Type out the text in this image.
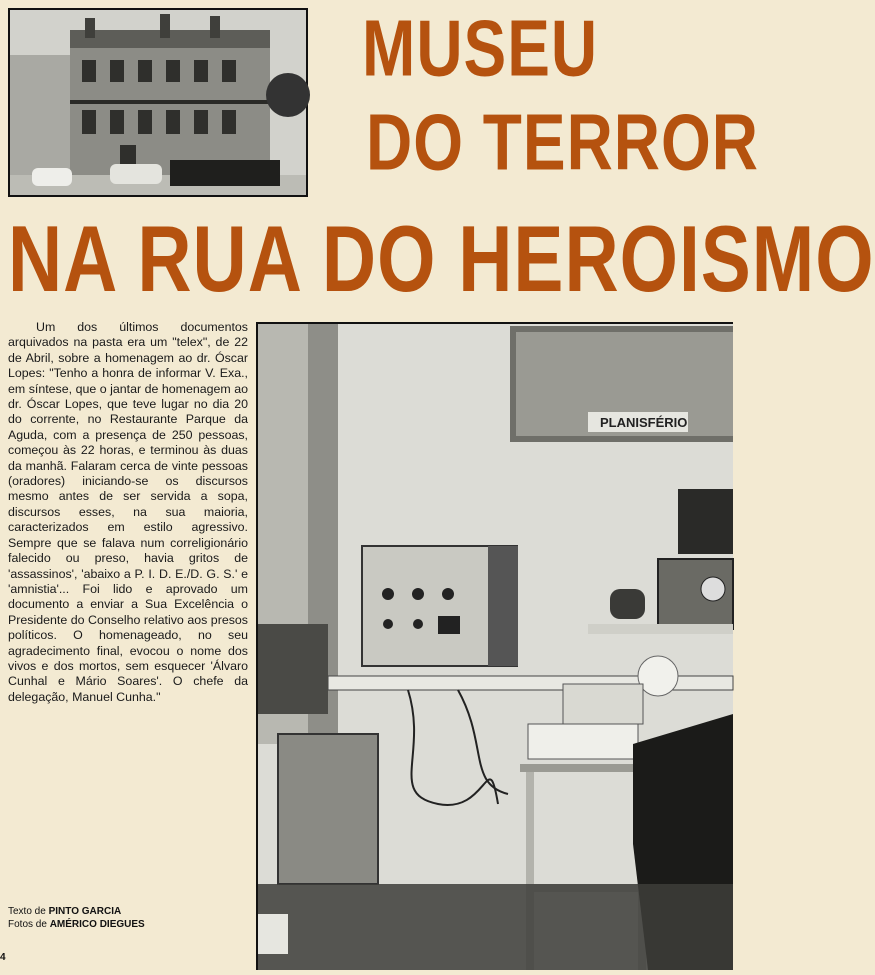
MUSEU
DO TERROR
NA RUA DO HEROISMO

Um dos últimos documentos arquivados na pasta era um "telex", de 22 de Abril, sobre a homenagem ao dr. Óscar Lopes: "Tenho a honra de informar V. Exa., em síntese, que o jantar de homenagem ao dr. Óscar Lopes, que teve lugar no dia 20 do corrente, no Restaurante Parque da Aguda, com a presença de 250 pessoas, começou às 22 horas, e terminou às duas da manhã. Falaram cerca de vinte pessoas (oradores) iniciando-se os discursos mesmo antes de ser servida a sopa, discursos esses, na sua maioria, caracterizados em estilo agressivo. Sempre que se falava num correligionário falecido ou preso, havia gritos de 'assassinos', 'abaixo a P. I. D. E./D. G. S.' e 'amnistia'... Foi lido e aprovado um documento a enviar a Sua Excelência o Presidente do Conselho relativo aos presos políticos. O homenageado, no seu agradecimento final, evocou o nome dos vivos e dos mortos, sem esquecer 'Álvaro Cunhal e Mário Soares'. O chefe da delegação, Manuel Cunha."

PLANISFÉRIO
Texto de PINTO GARCIA
Fotos de AMÉRICO DIEGUES
4
